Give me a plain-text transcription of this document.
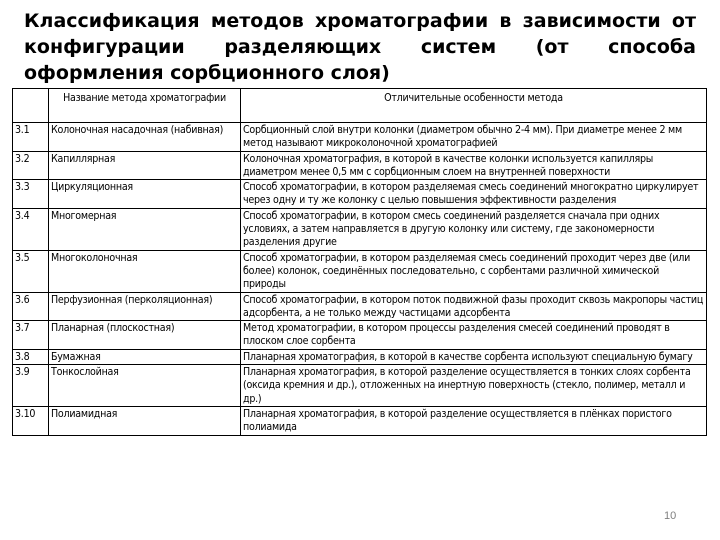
Классификация методов хроматографии в зависимости от конфигурации разделяющих систем (от способа оформления сорбционного слоя)

	Название метода хроматографии	Отличительные особенности метода
3.1	Колоночная насадочная (набивная)	Сорбционный слой внутри колонки (диаметром обычно 2-4 мм). При диаметре менее 2 мм метод называют микроколоночной хроматографией
3.2	Капиллярная	Колоночная хроматография, в которой в качестве колонки используется капилляры диаметром менее 0,5 мм с сорбционным слоем на внутренней поверхности
3.3	Циркуляционная	Способ хроматографии, в котором разделяемая смесь соединений многократно циркулирует через одну и ту же колонку с целью повышения эффективности разделения
3.4	Многомерная	Способ хроматографии, в котором смесь соединений разделяется сначала при одних условиях, а затем направляется в другую колонку или систему, где закономерности разделения другие
3.5	Многоколоночная	Способ хроматографии, в котором разделяемая смесь соединений проходит через две (или более) колонок, соединённых последовательно, с сорбентами различной химической природы
3.6	Перфузионная (перколяционная)	Способ хроматографии, в котором поток подвижной фазы проходит сквозь макропоры частиц адсорбента, а не только между частицами адсорбента
3.7	Планарная (плоскостная)	Метод хроматографии, в котором процессы разделения смесей соединений проводят в плоском слое сорбента
3.8	Бумажная	Планарная хроматография, в которой в качестве сорбента используют специальную бумагу
3.9	Тонкослойная	Планарная хроматография, в которой разделение осуществляется в тонких слоях сорбента (оксида кремния и др.), отложенных на инертную поверхность (стекло, полимер, металл и др.)
3.10	Полиамидная	Планарная хроматография, в которой разделение осуществляется в плёнках пористого полиамида
10
